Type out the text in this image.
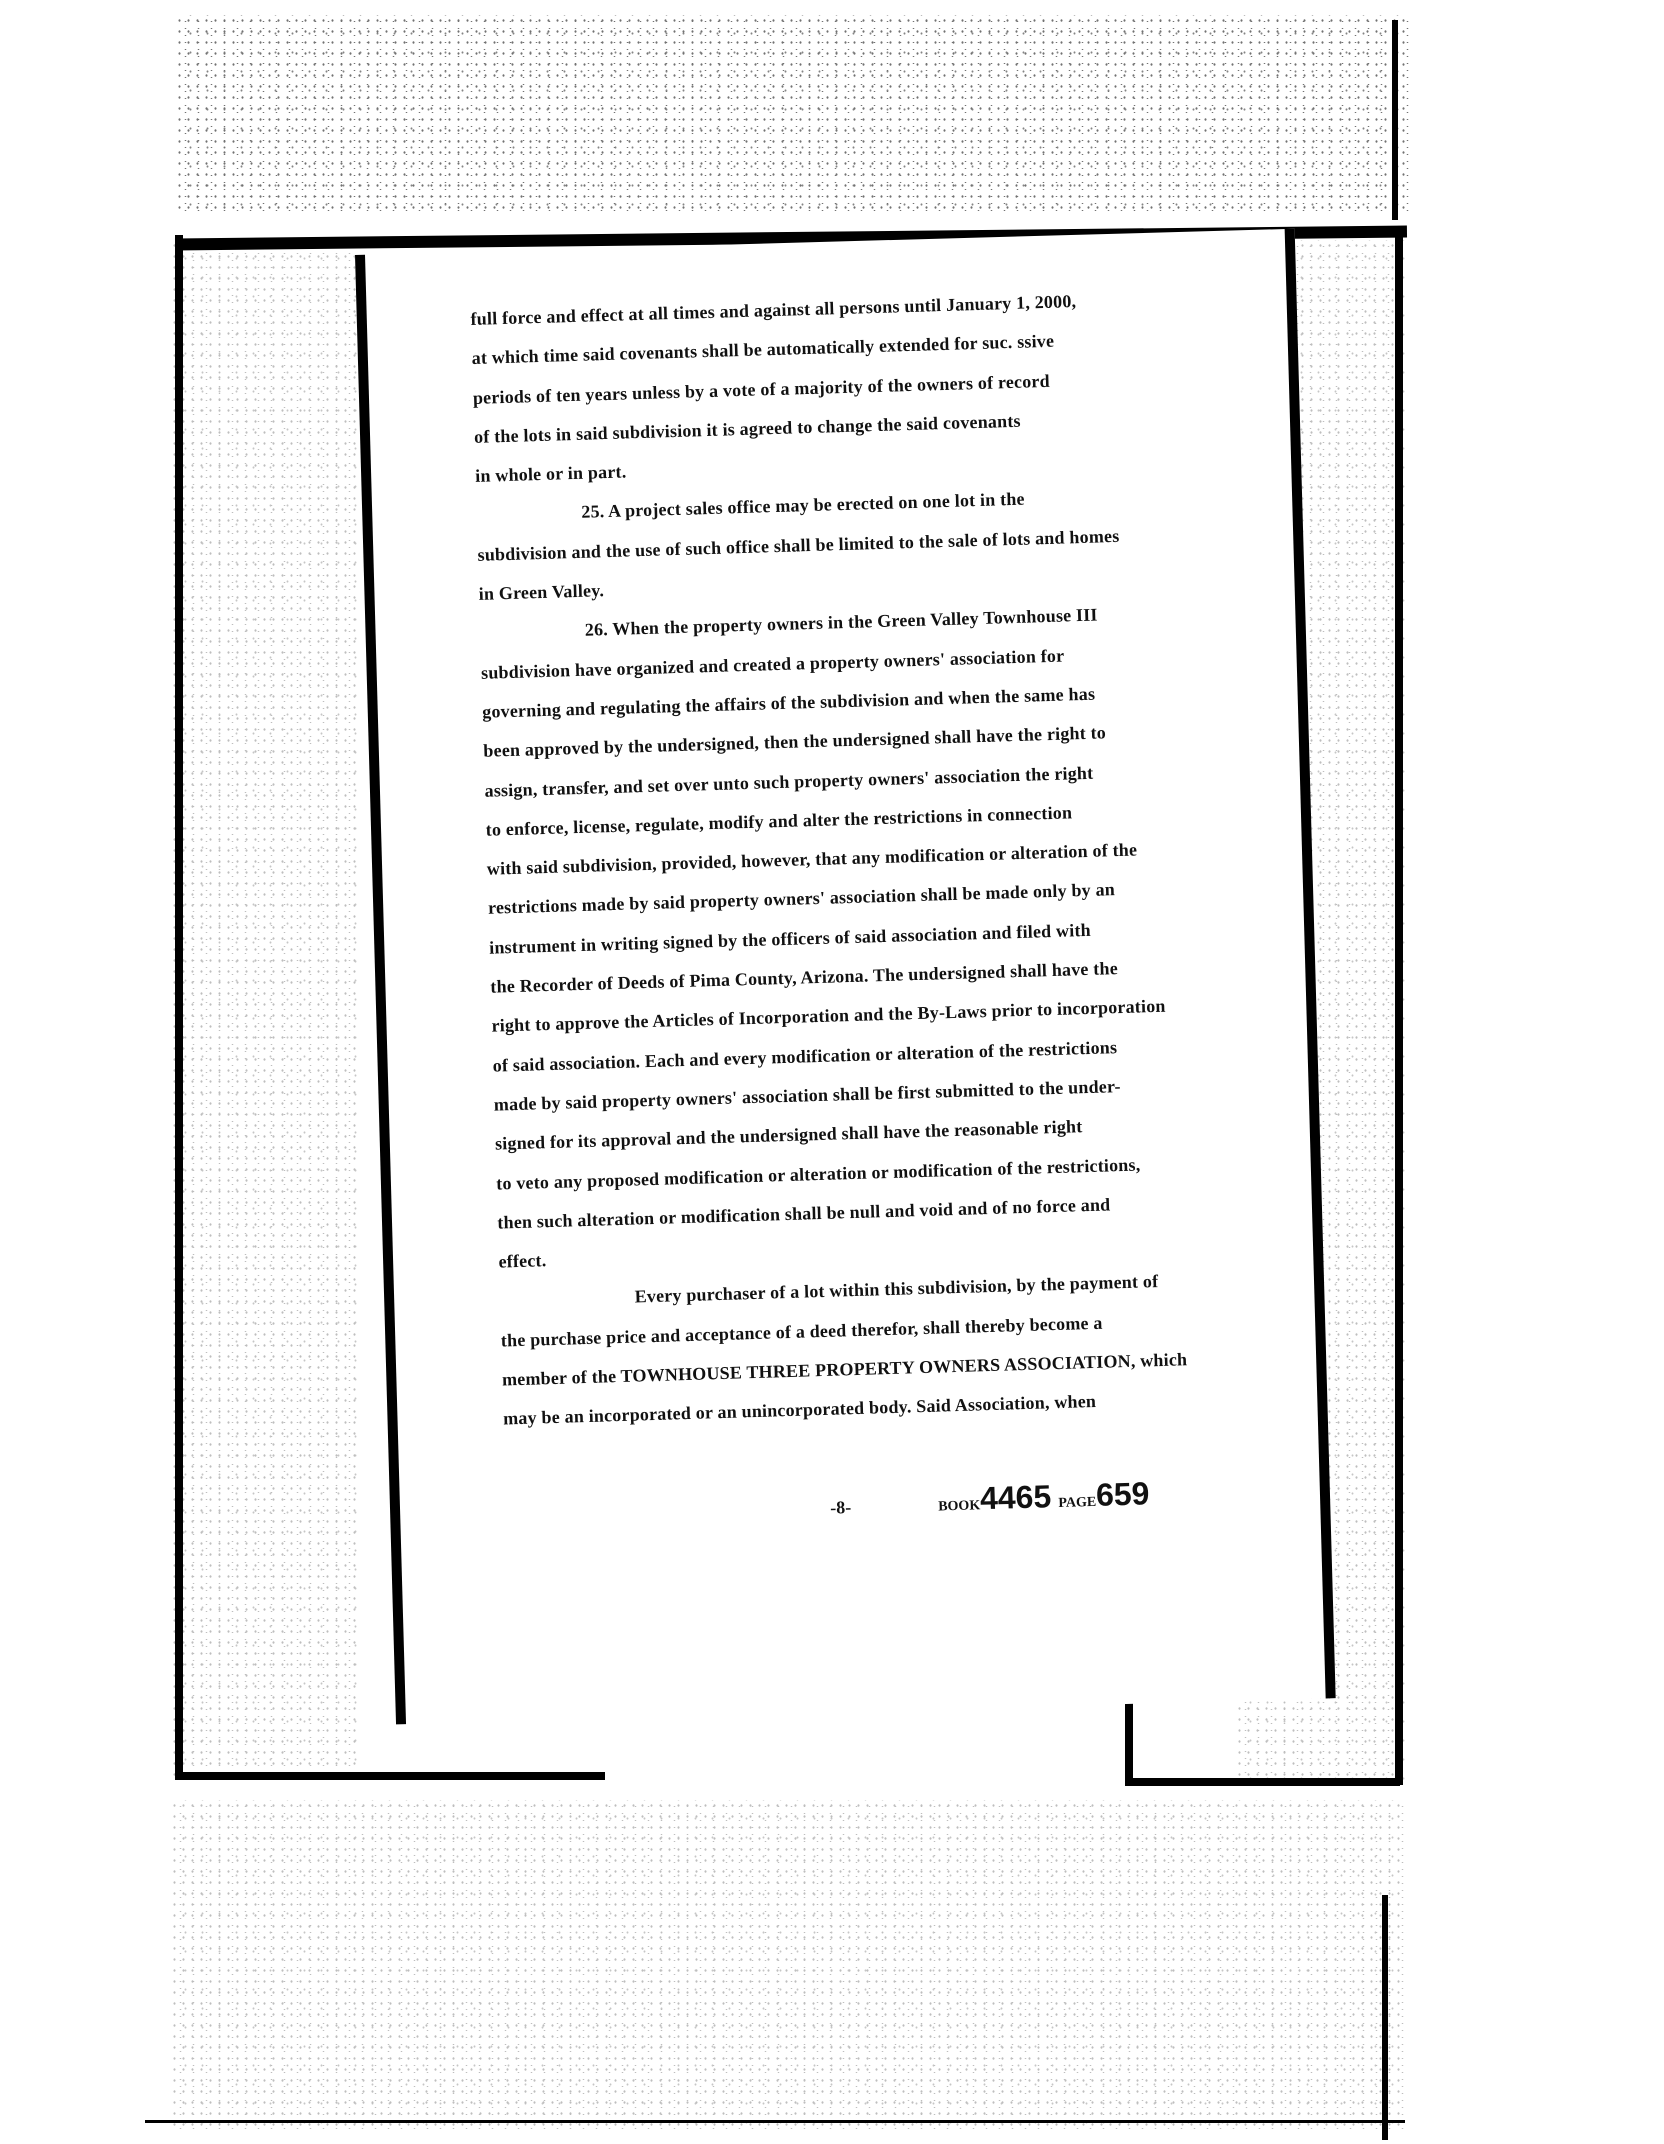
full force and effect at all times and against all persons until January 1, 2000,
at which time said covenants shall be automatically extended for suc. ssive
periods of ten years unless by a vote of a majority of the owners of record
of the lots in said subdivision it is agreed to change the said covenants
in whole or in part.
25. A project sales office may be erected on one lot in the
subdivision and the use of such office shall be limited to the sale of lots and homes
in Green Valley.
26. When the property owners in the Green Valley Townhouse III
subdivision have organized and created a property owners' association for
governing and regulating the affairs of the subdivision and when the same has
been approved by the undersigned, then the undersigned shall have the right to
assign, transfer, and set over unto such property owners' association the right
to enforce, license, regulate, modify and alter the restrictions in connection
with said subdivision, provided, however, that any modification or alteration of the
restrictions made by said property owners' association shall be made only by an
instrument in writing signed by the officers of said association and filed with
the Recorder of Deeds of Pima County, Arizona. The undersigned shall have the
right to approve the Articles of Incorporation and the By-Laws prior to incorporation
of said association. Each and every modification or alteration of the restrictions
made by said property owners' association shall be first submitted to the under-
signed for its approval and the undersigned shall have the reasonable right
to veto any proposed modification or alteration or modification of the restrictions,
then such alteration or modification shall be null and void and of no force and
effect.
Every purchaser of a lot within this subdivision, by the payment of
the purchase price and acceptance of a deed therefor, shall thereby become a
member of the TOWNHOUSE THREE PROPERTY OWNERS ASSOCIATION, which
may be an incorporated or an unincorporated body. Said Association, when
-8-	BOOK4465 PAGE659
